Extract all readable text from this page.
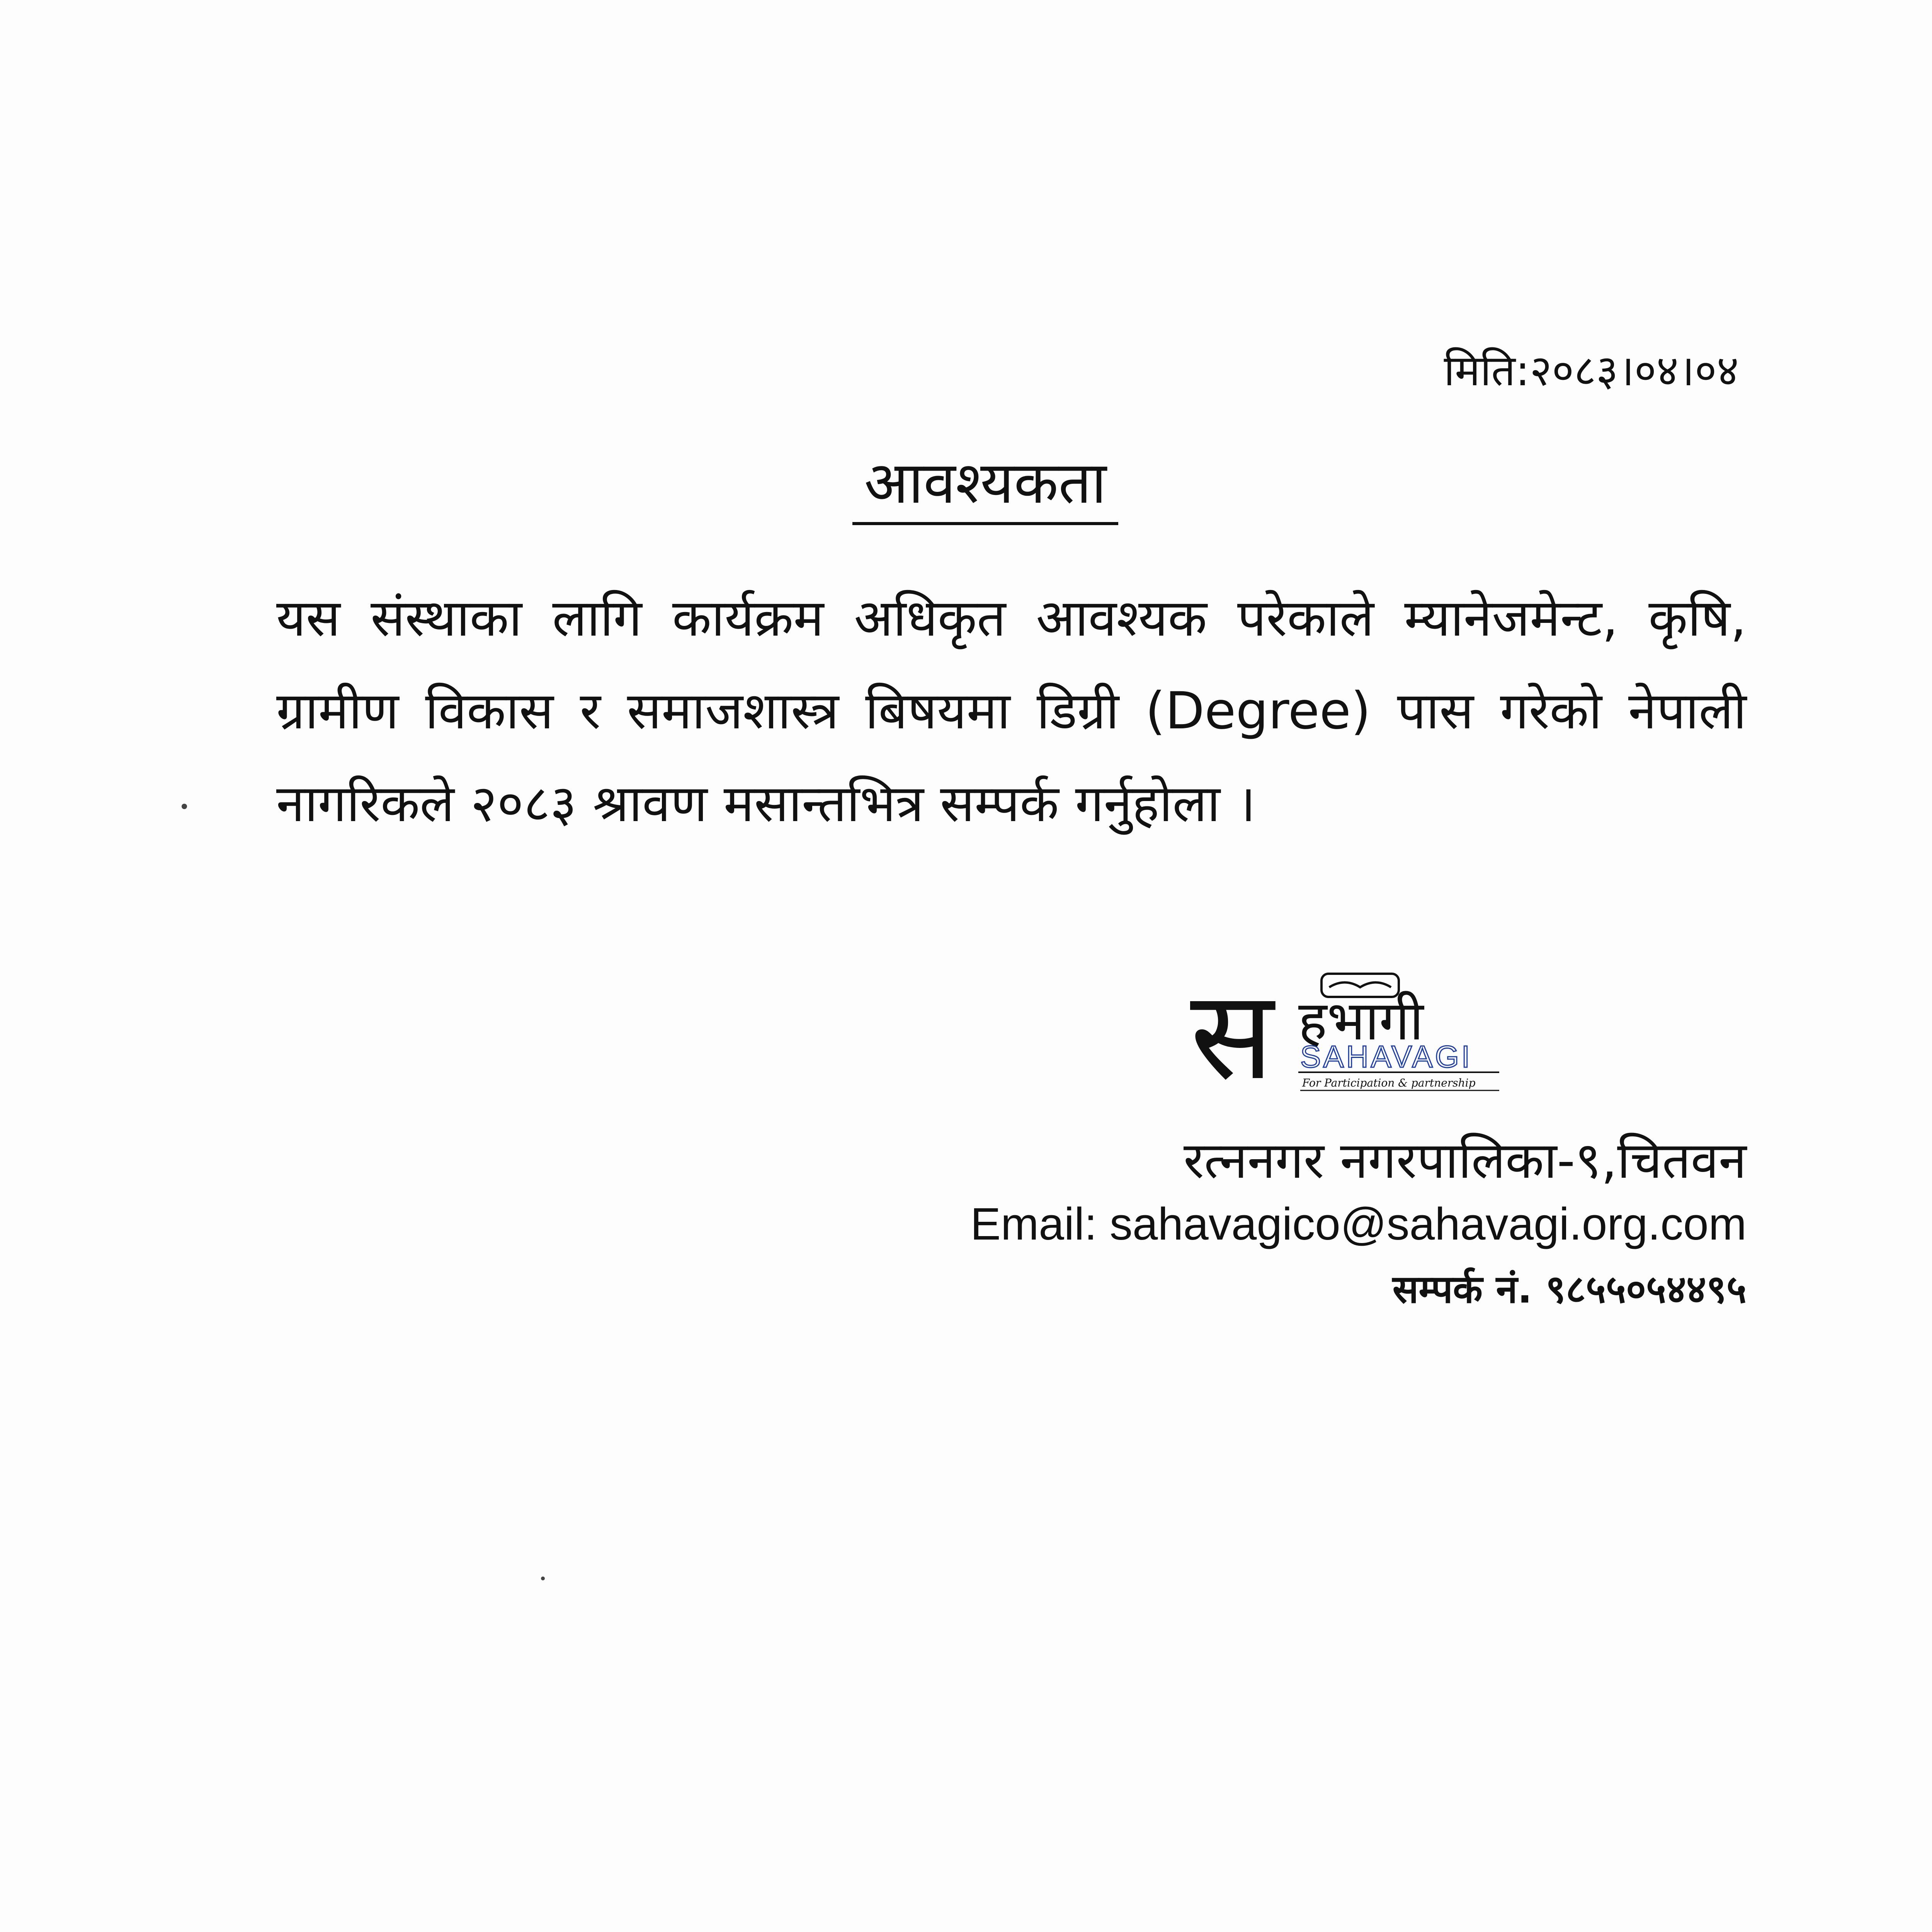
मिति:२०८३।०४।०४
आवश्यकता
यस संस्थाका लागि कार्यक्रम अधिकृत आवश्यक परेकाले म्यानेजमेन्ट, कृषि, ग्रामीण विकास र समाजशास्त्र बिषयमा डिग्री (Degree) पास गरेको नेपाली नागरिकले २०८३ श्रावण मसान्तभित्र सम्पर्क गर्नुहोला ।
स हभागी
SAHAVAGI
For Participation & partnership
रत्ननगर नगरपालिका-९,चितवन
Email: sahavagico@sahavagi.org.com
सम्पर्क नं. ९८५५०५४४९५
